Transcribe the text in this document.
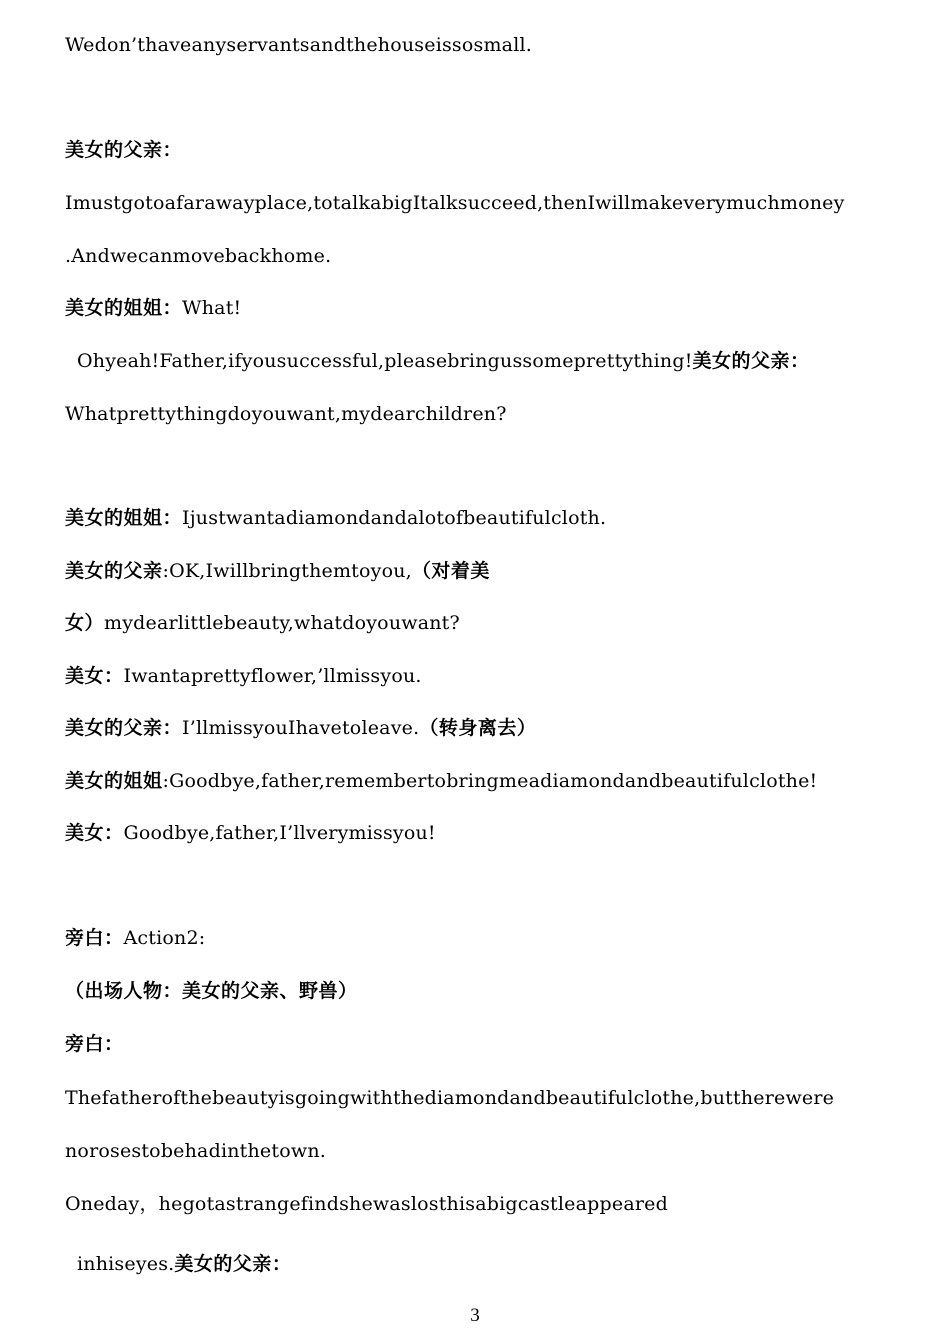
Wedon’thaveanyservantsandthehouseissosmall.
美女的父亲：
Imustgotoafarawayplace,totalkabigItalksucceed,thenIwillmakeverymuchmoney
.Andwecanmovebackhome.
美女的姐姐：What!
Ohyeah!Father,ifyousuccessful,pleasebringussomeprettything!美女的父亲：
Whatprettythingdoyouwant,mydearchildren?
美女的姐姐：Ijustwantadiamondandalotofbeautifulcloth.
美女的父亲:OK,Iwillbringthemtoyou,（对着美
女）mydearlittlebeauty,whatdoyouwant?
美女：Iwantaprettyflower,’llmissyou.
美女的父亲：I’llmissyouIhavetoleave.（转身离去）
美女的姐姐:Goodbye,father,remembertobringmeadiamondandbeautifulclothe!
美女：Goodbye,father,I’llverymissyou!
旁白：Action2:
（出场人物：美女的父亲、野兽）
旁白：
Thefatherofthebeautyisgoingwiththediamondandbeautifulclothe,buttherewere
norosestobehadinthetown.
Oneday，hegotastrangefindshewaslosthisabigcastleappeared
inhiseyes.美女的父亲：
3
